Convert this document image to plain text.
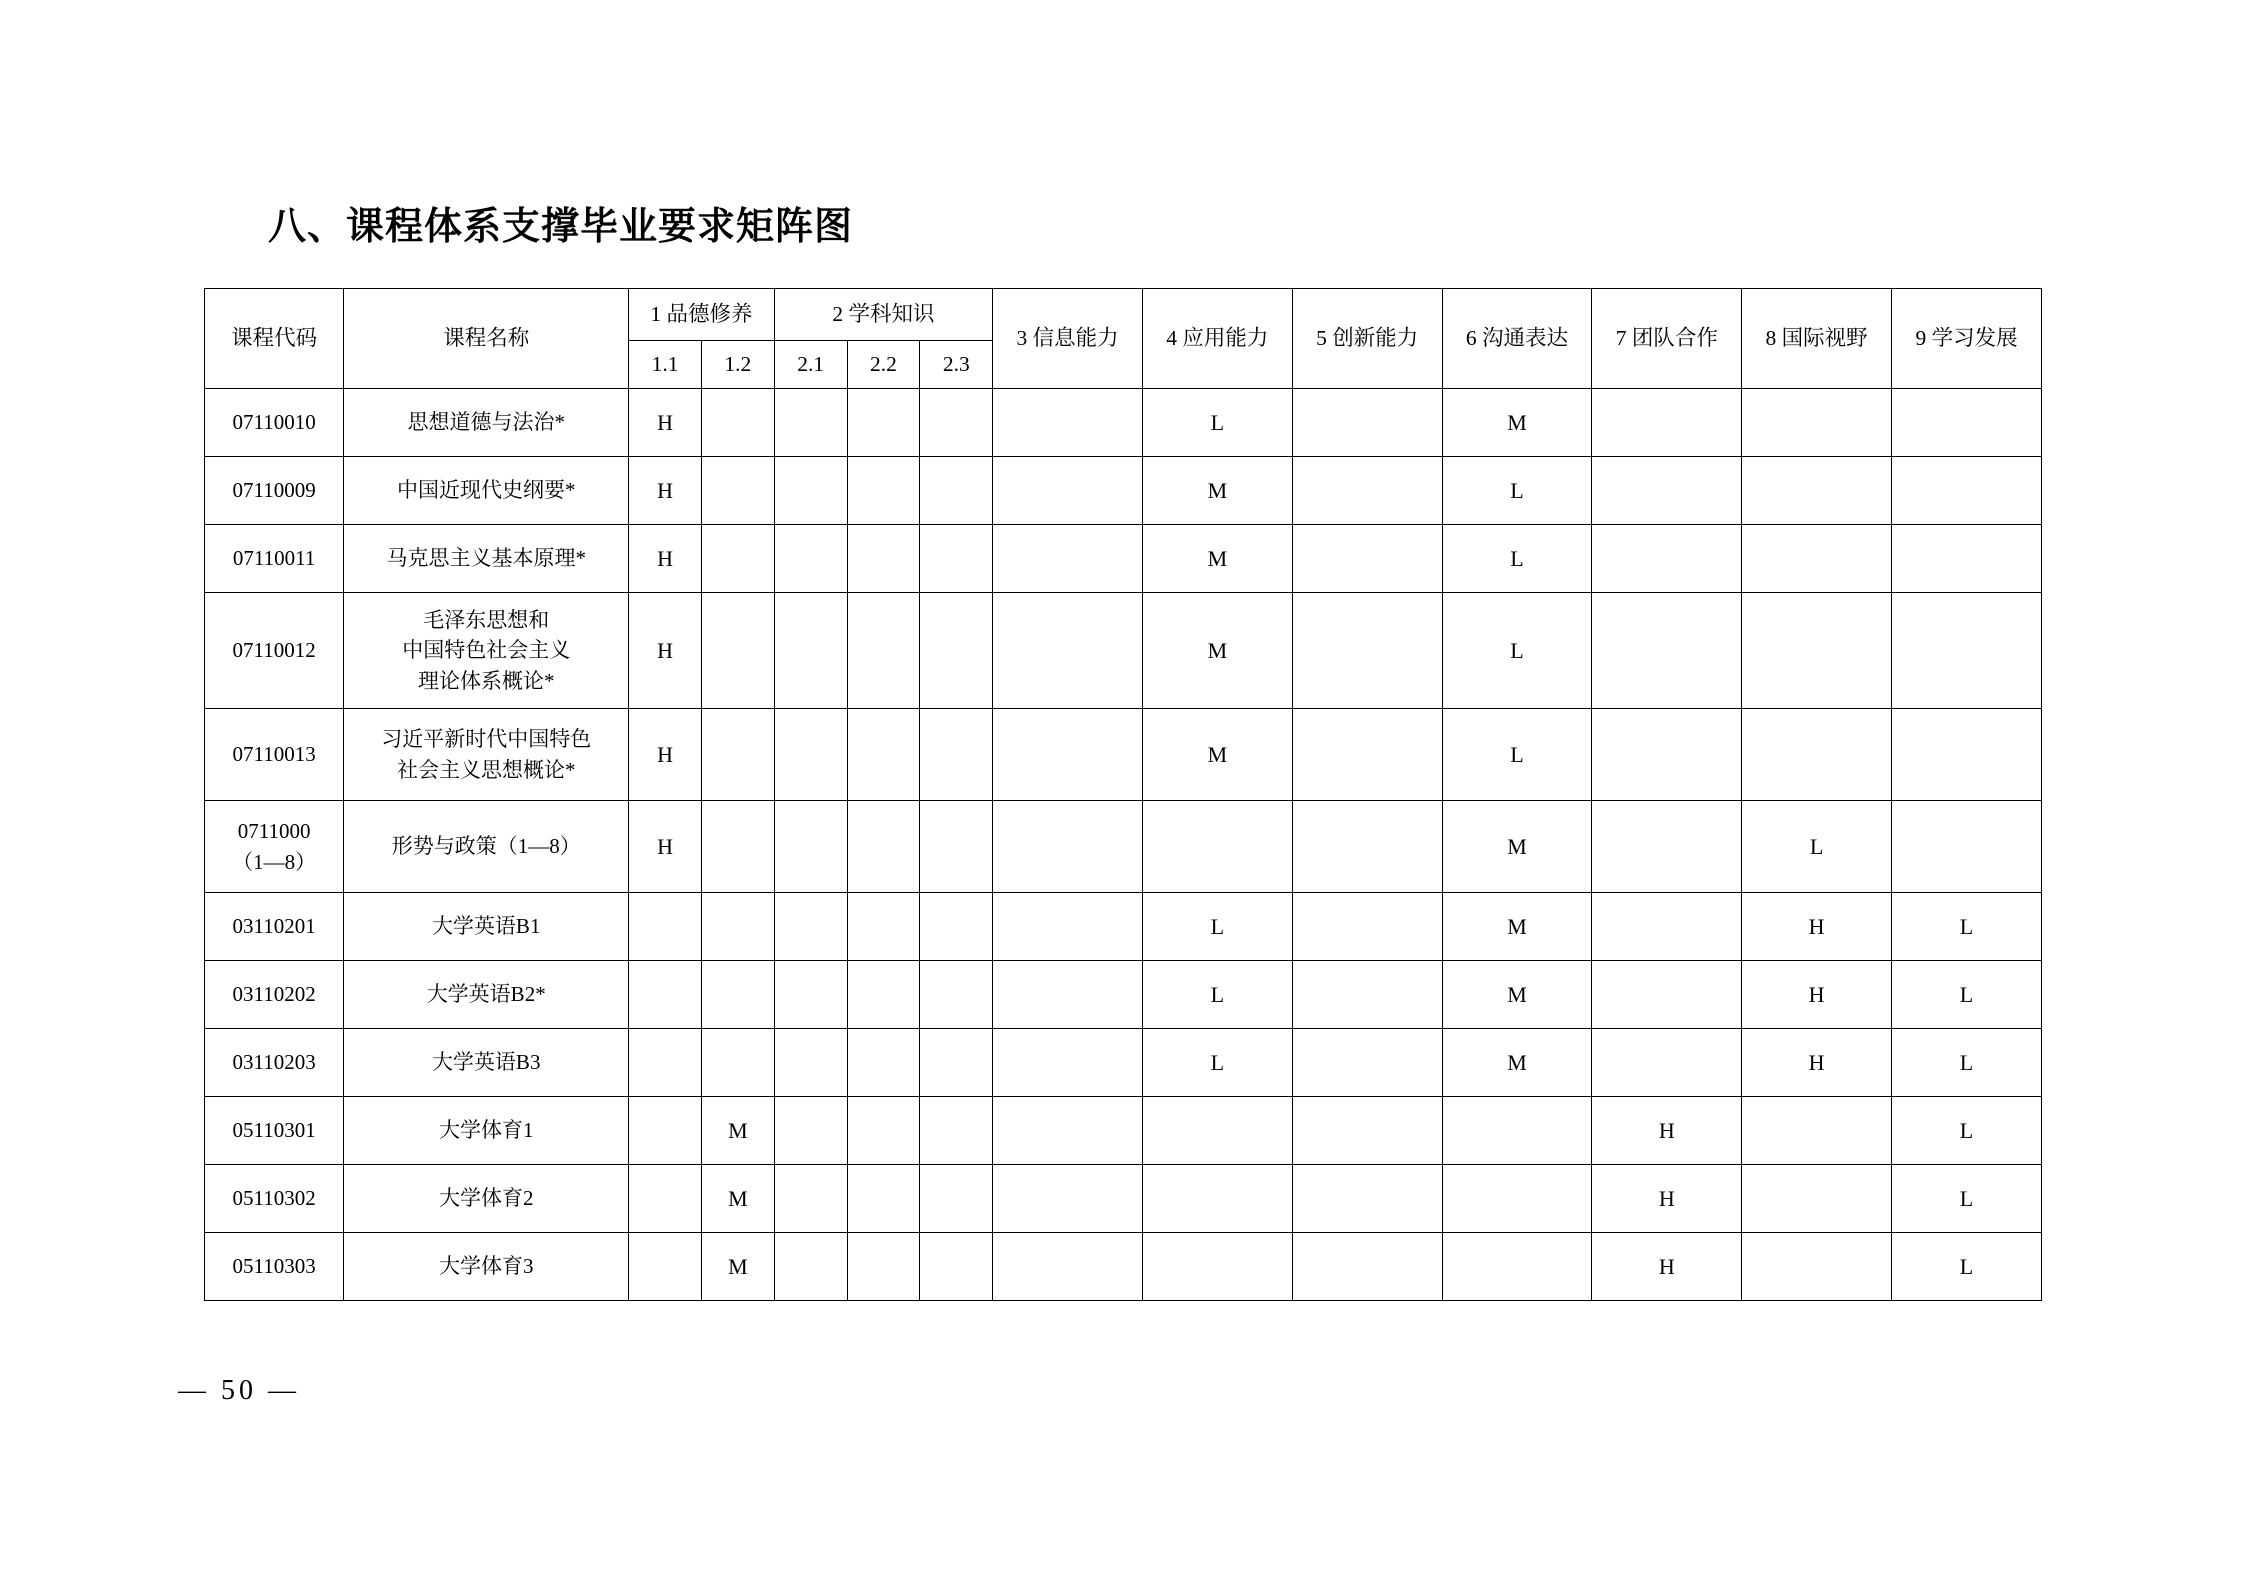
八、课程体系支撑毕业要求矩阵图
课程代码	课程名称	1 品德修养		2 学科知识			3 信息能力	4 应用能力	5 创新能力	6 沟通表达	7 团队合作	8 国际视野	9 学习发展
		1.1	1.2	2.1	2.2	2.3							
07110010	思想道德与法治*	H						L		M			
07110009	中国近现代史纲要*	H						M		L			
07110011	马克思主义基本原理*	H						M		L			
07110012	毛泽东思想和
中国特色社会主义
理论体系概论*	H						M		L			
07110013	习近平新时代中国特色
社会主义思想概论*	H						M		L			
0711000
（1—8）	形势与政策（1—8）	H								M		L	
03110201	大学英语B1							L		M		H	L
03110202	大学英语B2*							L		M		H	L
03110203	大学英语B3							L		M		H	L
05110301	大学体育1		M								H		L
05110302	大学体育2		M								H		L
05110303	大学体育3		M								H		L
— 50 —
